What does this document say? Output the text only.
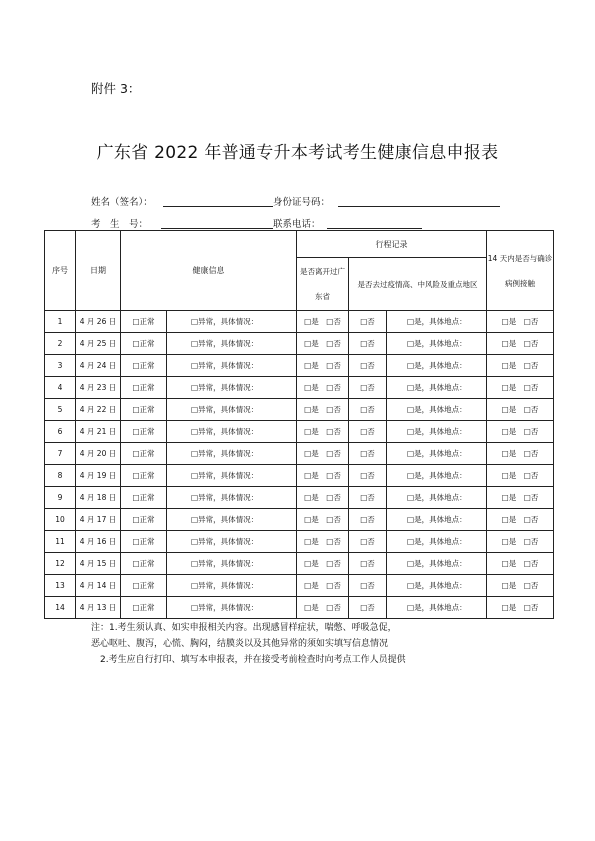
附件 3：
广东省 2022 年普通专升本考试考生健康信息申报表
姓名（签名）：	身份证号码：
考　生　号：	联系电话：
序号	日期	健康信息		行程记录			14 天内是否与确诊病例接触
				是否离开过广东省	是否去过疫情高、中风险及重点地区		
1	4 月 26 日	□正常	□异常，具体情况：	□是　□否	□否	□是，具体地点：	□是　□否
2	4 月 25 日	□正常	□异常，具体情况：	□是　□否	□否	□是，具体地点：	□是　□否
3	4 月 24 日	□正常	□异常，具体情况：	□是　□否	□否	□是，具体地点：	□是　□否
4	4 月 23 日	□正常	□异常，具体情况：	□是　□否	□否	□是，具体地点：	□是　□否
5	4 月 22 日	□正常	□异常，具体情况：	□是　□否	□否	□是，具体地点：	□是　□否
6	4 月 21 日	□正常	□异常，具体情况：	□是　□否	□否	□是，具体地点：	□是　□否
7	4 月 20 日	□正常	□异常，具体情况：	□是　□否	□否	□是，具体地点：	□是　□否
8	4 月 19 日	□正常	□异常，具体情况：	□是　□否	□否	□是，具体地点：	□是　□否
9	4 月 18 日	□正常	□异常，具体情况：	□是　□否	□否	□是，具体地点：	□是　□否
10	4 月 17 日	□正常	□异常，具体情况：	□是　□否	□否	□是，具体地点：	□是　□否
11	4 月 16 日	□正常	□异常，具体情况：	□是　□否	□否	□是，具体地点：	□是　□否
12	4 月 15 日	□正常	□异常，具体情况：	□是　□否	□否	□是，具体地点：	□是　□否
13	4 月 14 日	□正常	□异常，具体情况：	□是　□否	□否	□是，具体地点：	□是　□否
14	4 月 13 日	□正常	□异常，具体情况：	□是　□否	□否	□是，具体地点：	□是　□否
注：1.考生须认真、如实申报相关内容。出现感冒样症状，喘憋、呼吸急促，
恶心呕吐、腹泻，心慌、胸闷，结膜炎以及其他异常的须如实填写信息情况
　2.考生应自行打印、填写本申报表，并在接受考前检查时向考点工作人员提供
